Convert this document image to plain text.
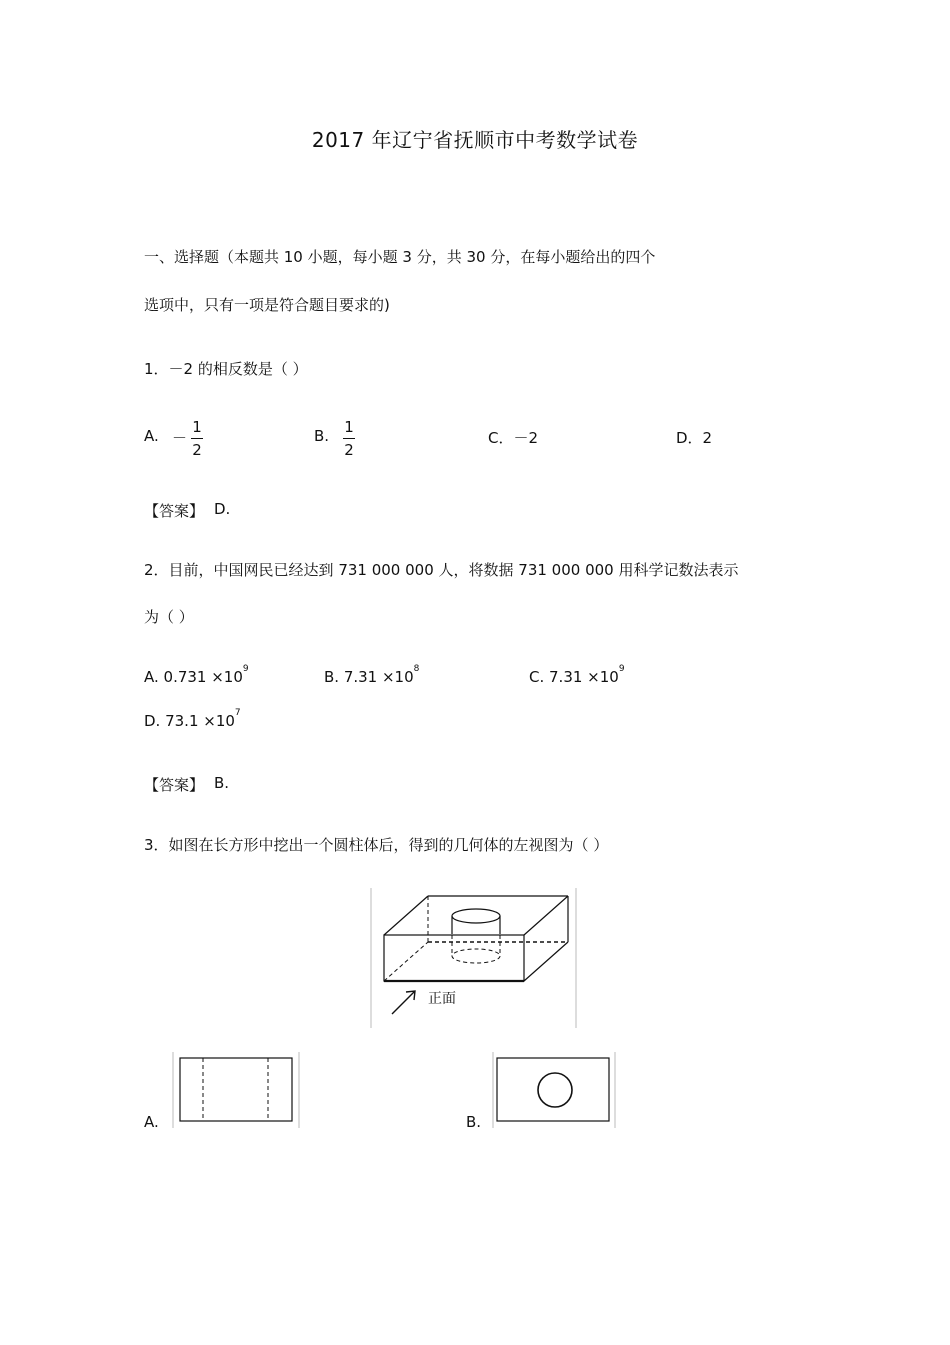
2017 年辽宁省抚顺市中考数学试卷
一、选择题（本题共 10 小题，每小题 3 分，共 30 分，在每小题给出的四个
选项中，只有一项是符合题目要求的)
1．－2 的相反数是（ ）
A. －
1
2
B. 1
2
C．－2	D．2
【答案】 D.
2．目前，中国网民已经达到 731 000 000 人，将数据 731 000 000 用科学记数法表示
为（ ）
A. $0.731 \times 10^9$	B. $7.31 \times 10^8$	C. $7.31 \times 10^9$
D. $73.1 \times 10^7$
【答案】 B.
3．如图在长方形中挖出一个圆柱体后，得到的几何体的左视图为（ ）
正面
A.	B.
